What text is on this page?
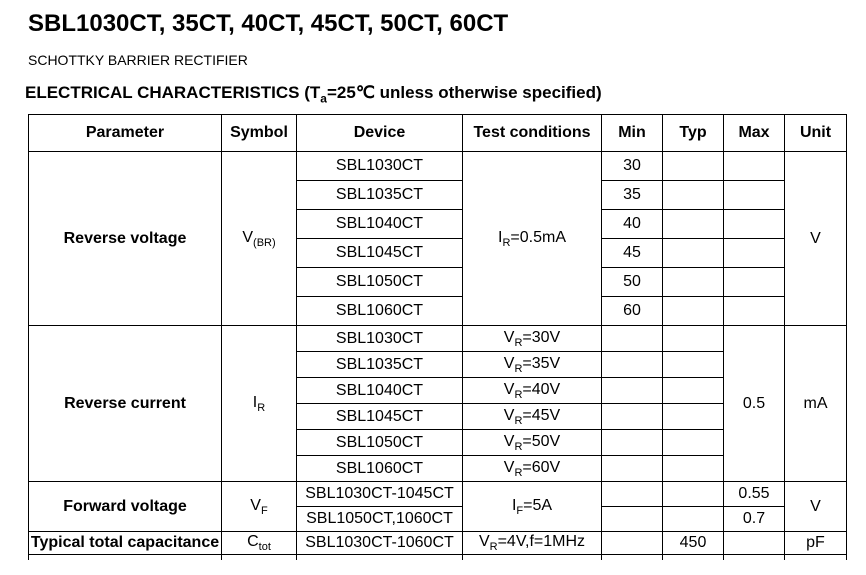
SBL1030CT, 35CT, 40CT, 45CT, 50CT, 60CT
SCHOTTKY BARRIER RECTIFIER
ELECTRICAL CHARACTERISTICS ($T_a=25℃$ unless otherwise specified)
Parameter	Symbol	Device	Test conditions	Min	Typ	Max	Unit
Reverse voltage	$V_{(BR)}$	SBL1030CT	$I_R=0.5mA$	30			V
		SBL1035CT		35			
		SBL1040CT		40			
		SBL1045CT		45			
		SBL1050CT		50			
		SBL1060CT		60			
Reverse current	$I_R$	SBL1030CT	$V_R=30V$			0.5	mA
		SBL1035CT	$V_R=35V$				
		SBL1040CT	$V_R=40V$				
		SBL1045CT	$V_R=45V$				
		SBL1050CT	$V_R=50V$				
		SBL1060CT	$V_R=60V$				
Forward voltage	$V_F$	SBL1030CT-1045CT	$I_F=5A$			0.55	V
		SBL1050CT,1060CT				0.7	
Typical total capacitance	$C_{tot}$	SBL1030CT-1060CT	$V_R=4V,f=1MHz$		450		pF
